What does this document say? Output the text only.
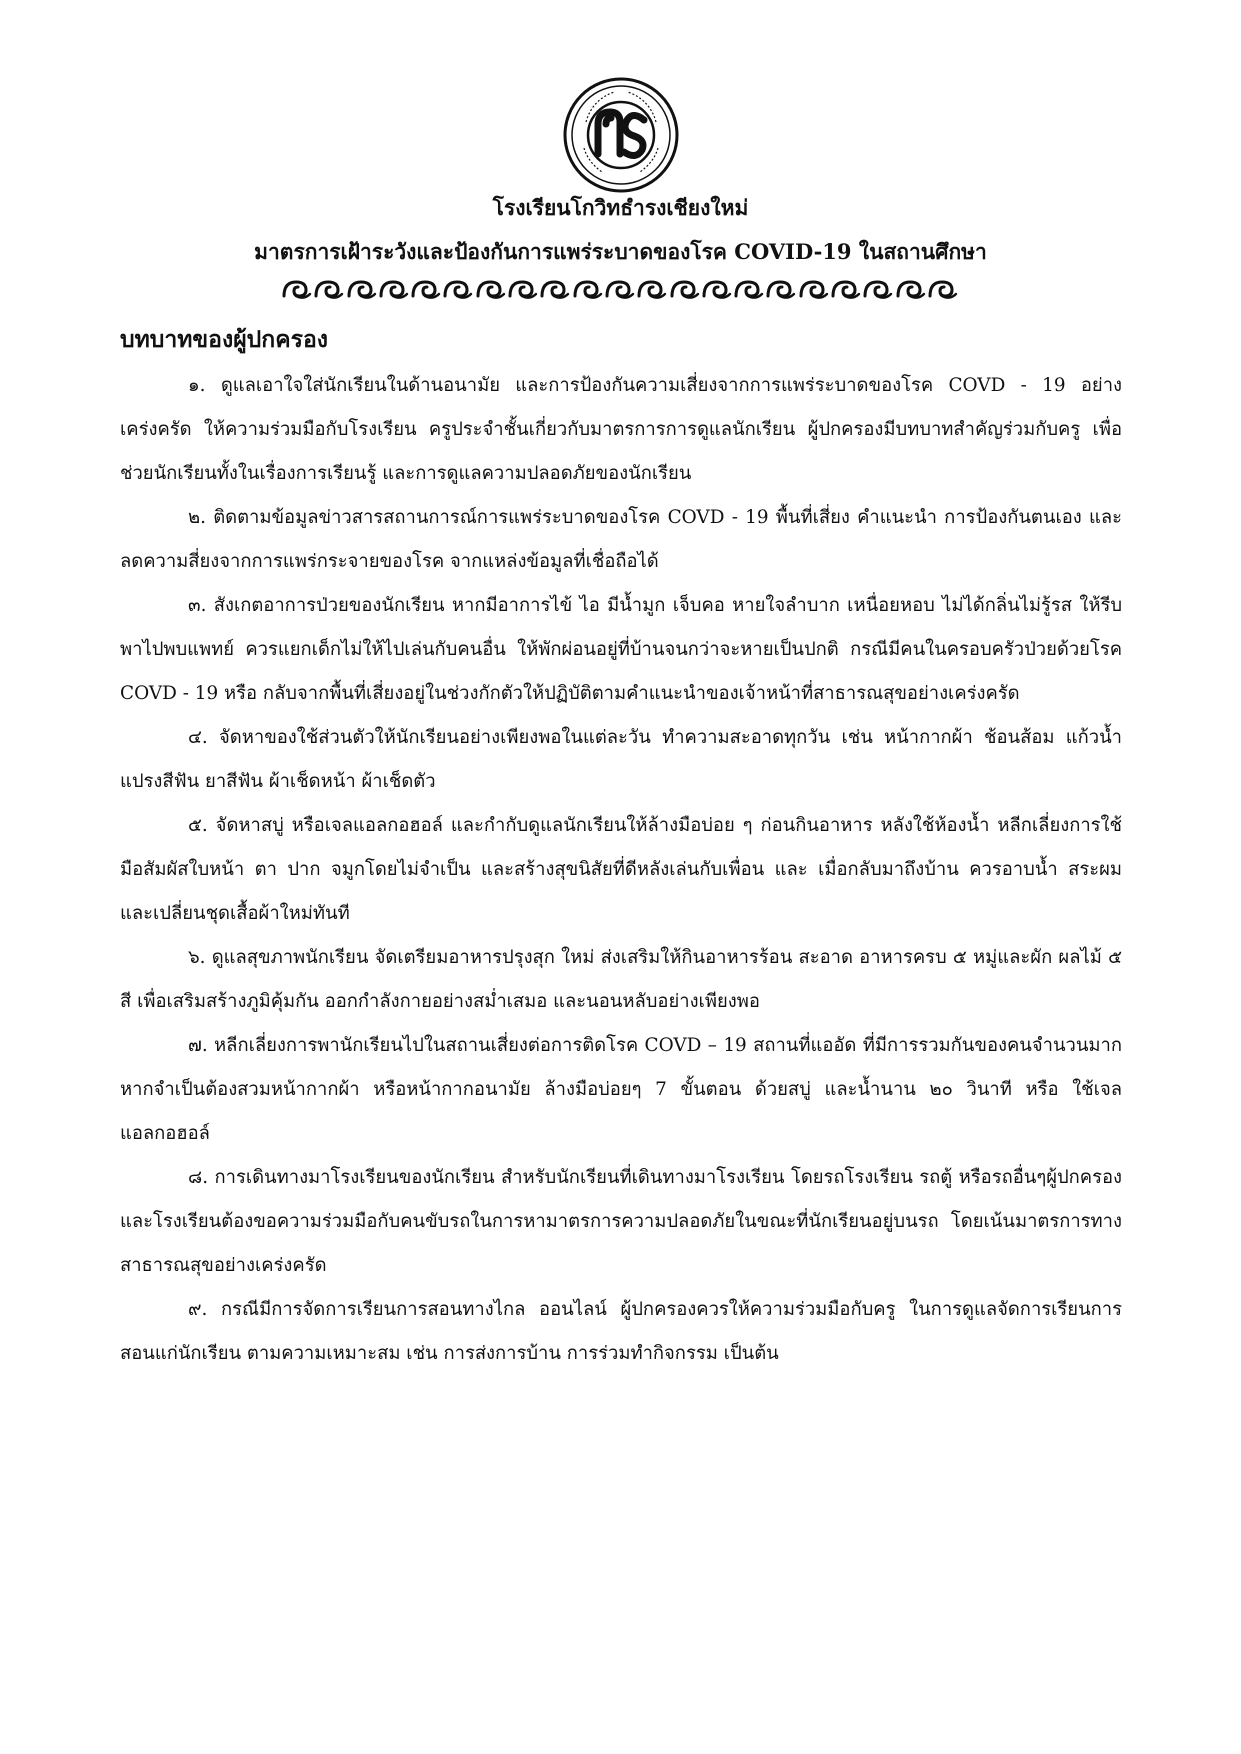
โรงเรียนโกวิทธำรงเชียงใหม่
มาตรการเฝ้าระวังและป้องกันการแพร่ระบาดของโรค COVID-19 ในสถานศึกษา
บทบาทของผู้ปกครอง

๑. ดูแลเอาใจใส่นักเรียนในด้านอนามัย และการป้องกันความเสี่ยงจากการแพร่ระบาดของโรค COVD - 19 อย่างเคร่งครัด ให้ความร่วมมือกับโรงเรียน ครูประจำชั้นเกี่ยวกับมาตรการการดูแลนักเรียน ผู้ปกครองมีบทบาทสำคัญร่วมกับครู เพื่อช่วยนักเรียนทั้งในเรื่องการเรียนรู้ และการดูแลความปลอดภัยของนักเรียน

๒. ติดตามข้อมูลข่าวสารสถานการณ์การแพร่ระบาดของโรค COVD - 19 พื้นที่เสี่ยง คำแนะนำ การป้องกันตนเอง และลดความสี่ยงจากการแพร่กระจายของโรค จากแหล่งข้อมูลที่เชื่อถือได้

๓. สังเกตอาการป่วยของนักเรียน หากมีอาการไข้ ไอ มีน้ำมูก เจ็บคอ หายใจลำบาก เหนื่อยหอบ ไม่ได้กลิ่นไม่รู้รส ให้รีบพาไปพบแพทย์ ควรแยกเด็กไม่ให้ไปเล่นกับคนอื่น ให้พักผ่อนอยู่ที่บ้านจนกว่าจะหายเป็นปกติ กรณีมีคนในครอบครัวป่วยด้วยโรค COVD - 19 หรือ กลับจากพื้นที่เสี่ยงอยู่ในช่วงกักตัวให้ปฏิบัติตามคำแนะนำของเจ้าหน้าที่สาธารณสุขอย่างเคร่งครัด

๔. จัดหาของใช้ส่วนตัวให้นักเรียนอย่างเพียงพอในแต่ละวัน ทำความสะอาดทุกวัน เช่น หน้ากากผ้า ช้อนส้อม แก้วน้ำ แปรงสีฟัน ยาสีฟัน ผ้าเช็ดหน้า ผ้าเช็ดตัว

๕. จัดหาสบู่ หรือเจลแอลกอฮอล์ และกำกับดูแลนักเรียนให้ล้างมือบ่อย ๆ ก่อนกินอาหาร หลังใช้ห้องน้ำ หลีกเลี่ยงการใช้มือสัมผัสใบหน้า ตา ปาก จมูกโดยไม่จำเป็น และสร้างสุขนิสัยที่ดีหลังเล่นกับเพื่อน และ เมื่อกลับมาถึงบ้าน ควรอาบน้ำ สระผม และเปลี่ยนชุดเสื้อผ้าใหม่ทันที

๖. ดูแลสุขภาพนักเรียน จัดเตรียมอาหารปรุงสุก ใหม่ ส่งเสริมให้กินอาหารร้อน สะอาด อาหารครบ ๕ หมู่และผัก ผลไม้ ๕ สี เพื่อเสริมสร้างภูมิคุ้มกัน ออกกำลังกายอย่างสม่ำเสมอ และนอนหลับอย่างเพียงพอ

๗. หลีกเลี่ยงการพานักเรียนไปในสถานเสี่ยงต่อการติดโรค COVD – 19 สถานที่แออัด ที่มีการรวมกันของคนจำนวนมาก หากจำเป็นต้องสวมหน้ากากผ้า หรือหน้ากากอนามัย ล้างมือบ่อยๆ 7 ขั้นตอน ด้วยสบู่ และน้ำนาน ๒๐ วินาที หรือ ใช้เจลแอลกอฮอล์

๘. การเดินทางมาโรงเรียนของนักเรียน สำหรับนักเรียนที่เดินทางมาโรงเรียน โดยรถโรงเรียน รถตู้ หรือรถอื่นๆผู้ปกครอง และโรงเรียนต้องขอความร่วมมือกับคนขับรถในการหามาตรการความปลอดภัยในขณะที่นักเรียนอยู่บนรถ โดยเน้นมาตรการทางสาธารณสุขอย่างเคร่งครัด

๙. กรณีมีการจัดการเรียนการสอนทางไกล ออนไลน์ ผู้ปกครองควรให้ความร่วมมือกับครู ในการดูแลจัดการเรียนการสอนแก่นักเรียน ตามความเหมาะสม เช่น การส่งการบ้าน การร่วมทำกิจกรรม เป็นต้น
